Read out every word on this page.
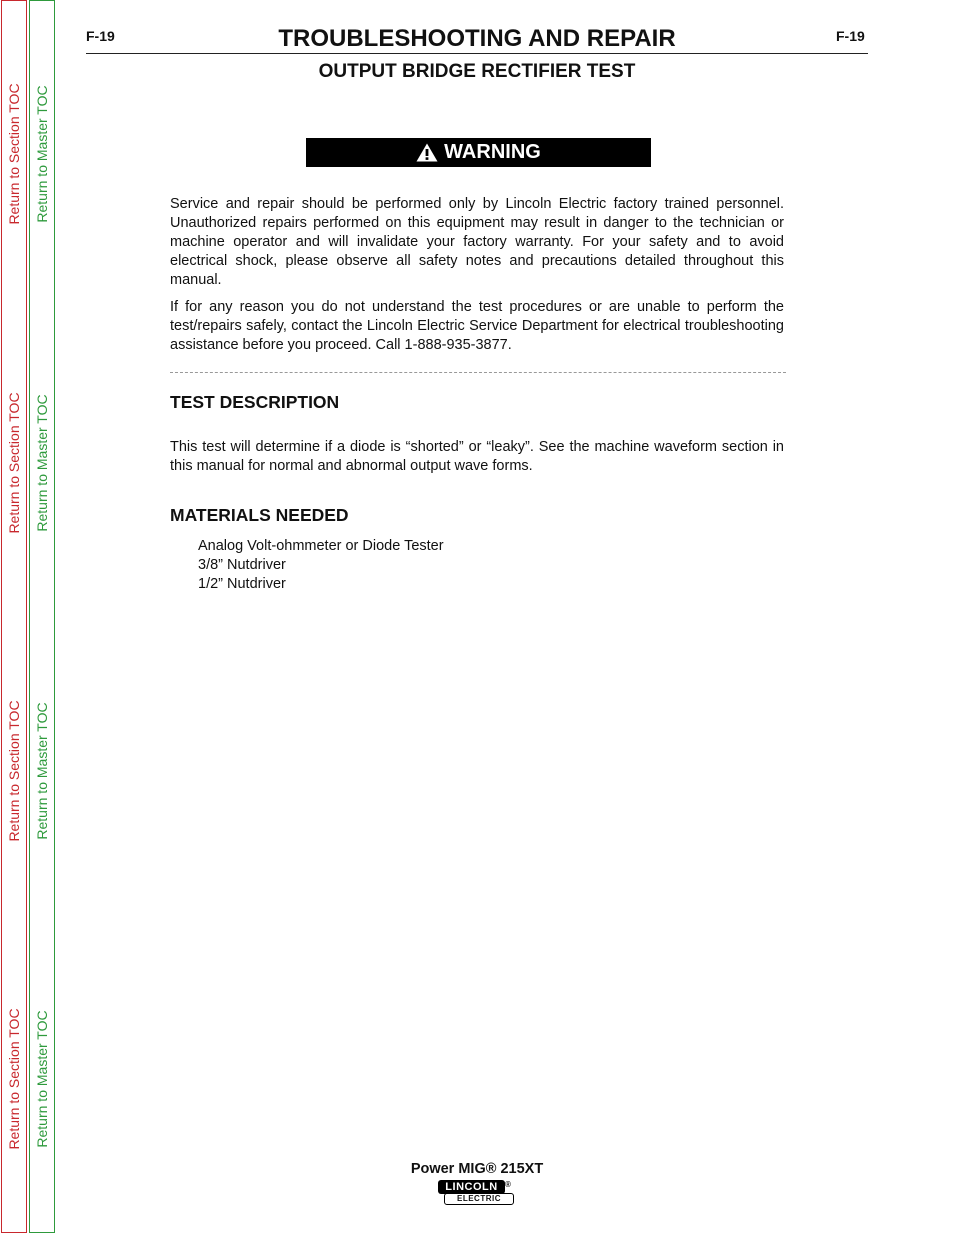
Return to Section TOC
Return to Section TOC
Return to Section TOC
Return to Section TOC
Return to Master TOC
Return to Master TOC
Return to Master TOC
Return to Master TOC
F-19	TROUBLESHOOTING AND REPAIR	F-19
OUTPUT BRIDGE RECTIFIER TEST
WARNING

Service and repair should be performed only by Lincoln Electric factory trained personnel. Unauthorized repairs performed on this equipment may result in danger to the technician or machine operator and will invalidate your factory warranty. For your safety and to avoid electrical shock, please observe all safety notes and precautions detailed throughout this manual.

If for any reason you do not understand the test procedures or are unable to perform the test/repairs safely, contact the Lincoln Electric Service Department for electrical troubleshooting assistance before you proceed. Call 1-888-935-3877.

TEST DESCRIPTION

This test will determine if a diode is “shorted” or “leaky”. See the machine waveform section in this manual for normal and abnormal output wave forms.

MATERIALS NEEDED
Analog Volt-ohmmeter or Diode Tester
3/8” Nutdriver
1/2” Nutdriver
Power MIG® 215XT
LINCOLN ®
ELECTRIC
